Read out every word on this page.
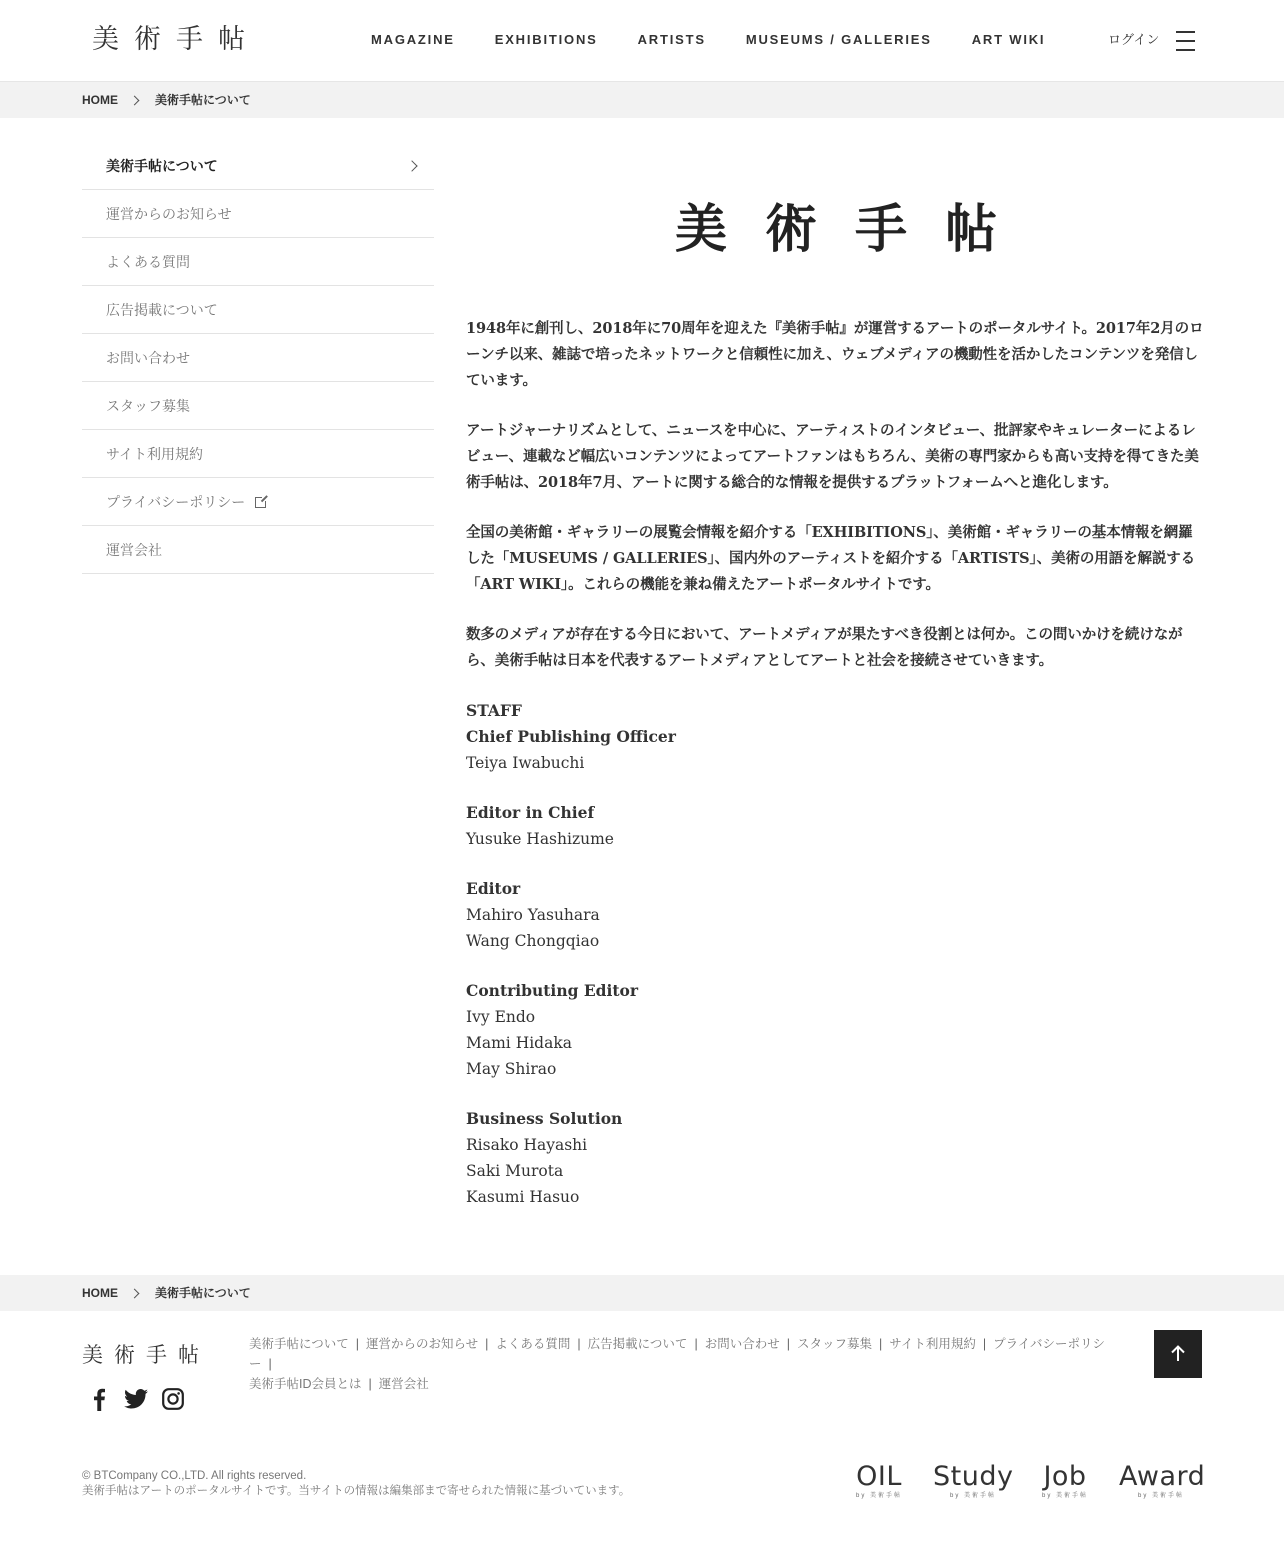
美術手帖	MAGAZINE	EXHIBITIONS	ARTISTS	MUSEUMS / GALLERIES	ART WIKI	ログイン
HOME	美術手帖について
美術手帖について
運営からのお知らせ
よくある質問
広告掲載について
お問い合わせ
スタッフ募集
サイト利用規約
プライバシーポリシー
運営会社
美術手帖

1948年に創刊し、2018年に70周年を迎えた『美術手帖』が運営するアートのポータルサイト。2017年2月のローンチ以来、雑誌で培ったネットワークと信頼性に加え、ウェブメディアの機動性を活かしたコンテンツを発信しています。

アートジャーナリズムとして、ニュースを中心に、アーティストのインタビュー、批評家やキュレーターによるレビュー、連載など幅広いコンテンツによってアートファンはもちろん、美術の専門家からも高い支持を得てきた美術手帖は、2018年7月、アートに関する総合的な情報を提供するプラットフォームへと進化します。

全国の美術館・ギャラリーの展覧会情報を紹介する「EXHIBITIONS」、美術館・ギャラリーの基本情報を網羅した「MUSEUMS / GALLERIES」、国内外のアーティストを紹介する「ARTISTS」、美術の用語を解説する「ART WIKI」。これらの機能を兼ね備えたアートポータルサイトです。

数多のメディアが存在する今日において、アートメディアが果たすべき役割とは何か。この問いかけを続けながら、美術手帖は日本を代表するアートメディアとしてアートと社会を接続させていきます。

STAFF
Chief Publishing Officer
Teiya Iwabuchi
Editor in Chief
Yusuke Hashizume
Editor
Mahiro Yasuhara
Wang Chongqiao
Contributing Editor
Ivy Endo
Mami Hidaka
May Shirao
Business Solution
Risako Hayashi
Saki Murota
Kasumi Hasuo
HOME	美術手帖について
美術手帖	美術手帖について | 運営からのお知らせ | よくある質問 | 広告掲載について | お問い合わせ | スタッフ募集 | サイト利用規約 | プライバシーポリシー |
美術手帖ID会員とは | 運営会社
© BTCompany CO.,LTD. All rights reserved.
美術手帖はアートのポータルサイトです。当サイトの情報は編集部まで寄せられた情報に基づいています。	OIL
by 美術手帖
Study
by 美術手帖
Job
by 美術手帖
Award
by 美術手帖
